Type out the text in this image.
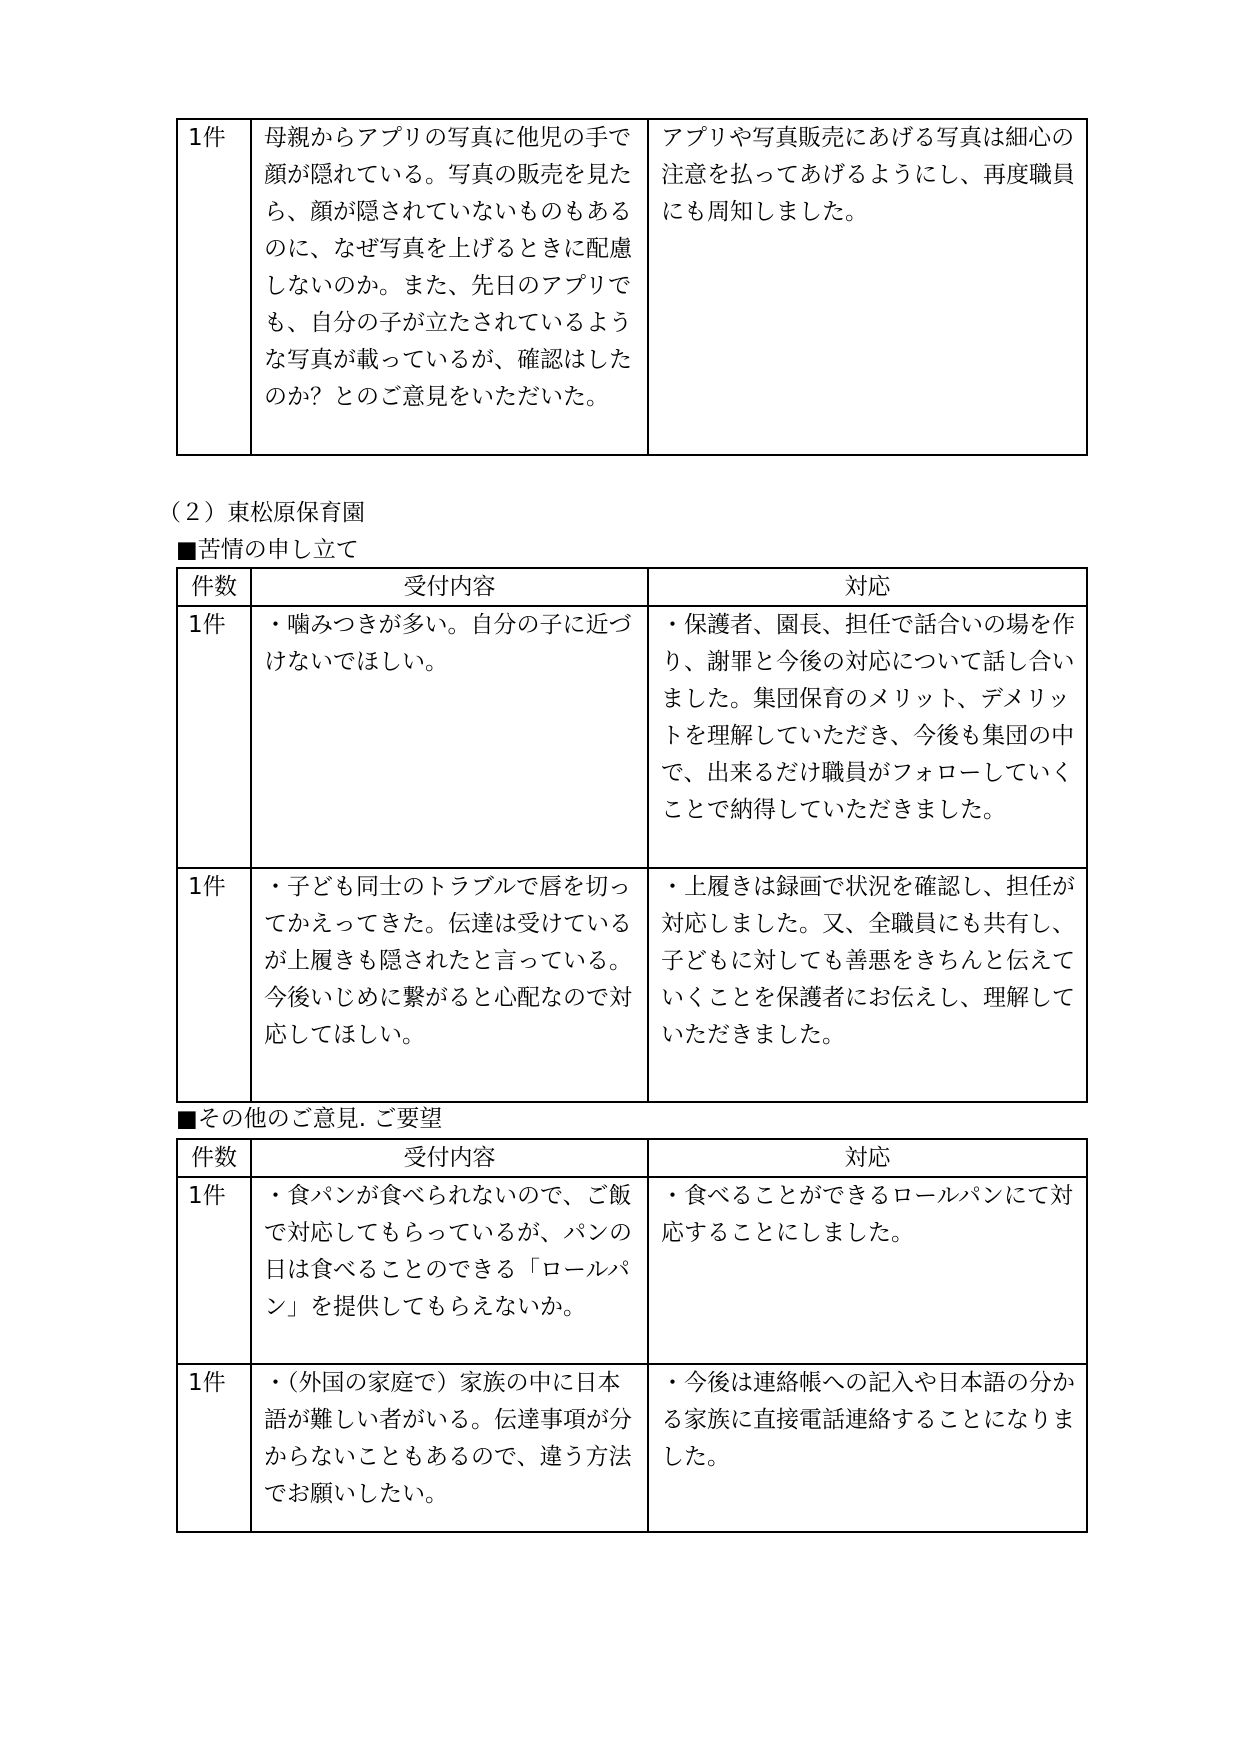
1件	母親からアプリの写真に他児の手で顔が隠れている。写真の販売を見たら、顔が隠されていないものもあるのに、なぜ写真を上げるときに配慮しないのか。また、先日のアプリでも、自分の子が立たされているような写真が載っているが、確認はしたのか？とのご意見をいただいた。	アプリや写真販売にあげる写真は細心の注意を払ってあげるようにし、再度職員にも周知しました。
（２）東松原保育園
■苦情の申し立て
件数	受付内容	対応
1件	・噛みつきが多い。自分の子に近づけないでほしい。	・保護者、園長、担任で話合いの場を作り、謝罪と今後の対応について話し合いました。集団保育のメリット、デメリットを理解していただき、今後も集団の中で、出来るだけ職員がフォローしていくことで納得していただきました。
1件	・子ども同士のトラブルで唇を切ってかえってきた。伝達は受けているが上履きも隠されたと言っている。今後いじめに繋がると心配なので対応してほしい。	・上履きは録画で状況を確認し、担任が対応しました。又、全職員にも共有し、子どもに対しても善悪をきちんと伝えていくことを保護者にお伝えし、理解していただきました。
■その他のご意見. ご要望
件数	受付内容	対応
1件	・食パンが食べられないので、ご飯で対応してもらっているが、パンの日は食べることのできる「ロールパン」を提供してもらえないか。	・食べることができるロールパンにて対応することにしました。
1件	・（外国の家庭で）家族の中に日本語が難しい者がいる。伝達事項が分からないこともあるので、違う方法でお願いしたい。	・今後は連絡帳への記入や日本語の分かる家族に直接電話連絡することになりました。
